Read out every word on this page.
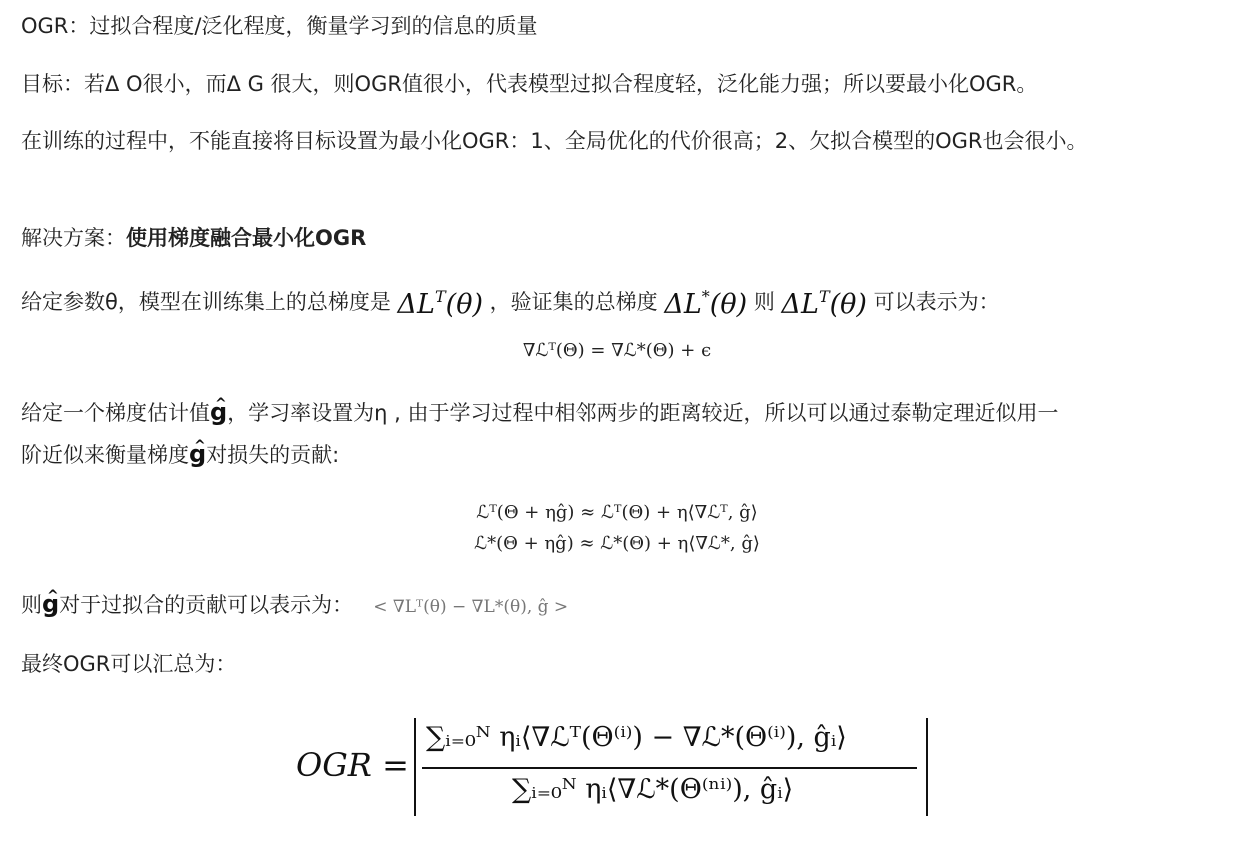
OGR：过拟合程度/泛化程度，衡量学习到的信息的质量
目标：若Δ O很小，而Δ G 很大，则OGR值很小，代表模型过拟合程度轻，泛化能力强；所以要最小化OGR。
在训练的过程中，不能直接将目标设置为最小化OGR：1、全局优化的代价很高；2、欠拟合模型的OGR也会很小。
解决方案：使用梯度融合最小化OGR
给定参数θ，模型在训练集上的总梯度是 $\Delta L^T(\theta)$ ，验证集的总梯度 ΔL*(θ) 则 $\Delta L^T(\theta)$ 可以表示为：
∇ℒᵀ(Θ) = ∇ℒ*(Θ) + ϵ
给定一个梯度估计值^ g，学习率设置为η , 由于学习过程中相邻两步的距离较近，所以可以通过泰勒定理近似用一
阶近似来衡量梯度^ g对损失的贡献:
ℒᵀ(Θ + ηĝ) ≈ ℒᵀ(Θ) + η⟨∇ℒᵀ, ĝ⟩
ℒ*(Θ + ηĝ) ≈ ℒ*(Θ) + η⟨∇ℒ*, ĝ⟩
则^ g对于过拟合的贡献可以表示为： < ∇Lᵀ(θ) − ∇L*(θ), ĝ >
最终OGR可以汇总为：
OGR =
∑ᵢ₌₀ᴺ ηᵢ⟨∇ℒᵀ(Θ⁽ⁱ⁾) − ∇ℒ*(Θ⁽ⁱ⁾), ĝᵢ⟩
∑ᵢ₌₀ᴺ ηᵢ⟨∇ℒ*(Θ⁽ⁿⁱ⁾), ĝᵢ⟩
